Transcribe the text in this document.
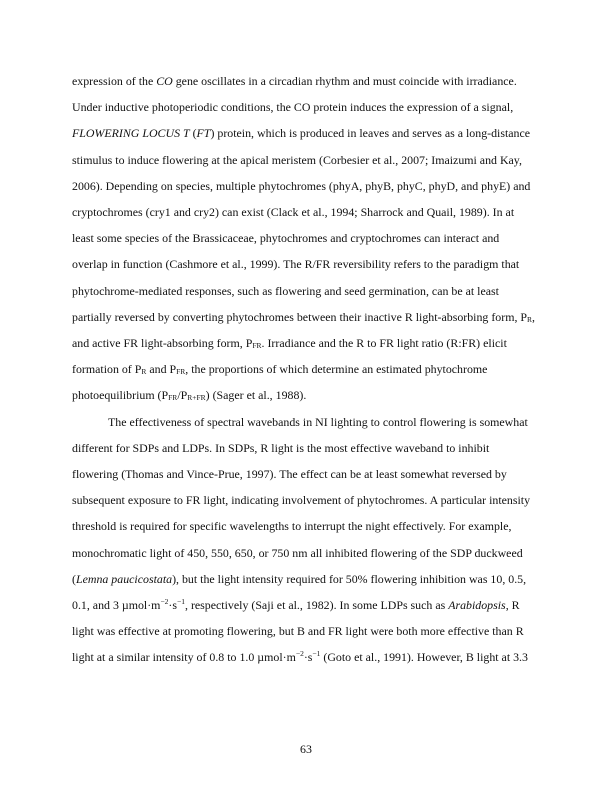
expression of the CO gene oscillates in a circadian rhythm and must coincide with irradiance.
Under inductive photoperiodic conditions, the CO protein induces the expression of a signal,
FLOWERING LOCUS T (FT) protein, which is produced in leaves and serves as a long-distance
stimulus to induce flowering at the apical meristem (Corbesier et al., 2007; Imaizumi and Kay,
2006). Depending on species, multiple phytochromes (phyA, phyB, phyC, phyD, and phyE) and
cryptochromes (cry1 and cry2) can exist (Clack et al., 1994; Sharrock and Quail, 1989). In at
least some species of the Brassicaceae, phytochromes and cryptochromes can interact and
overlap in function (Cashmore et al., 1999). The R/FR reversibility refers to the paradigm that
phytochrome-mediated responses, such as flowering and seed germination, can be at least
partially reversed by converting phytochromes between their inactive R light-absorbing form, $P_R$,
and active FR light-absorbing form, $P_{FR}$. Irradiance and the R to FR light ratio (R:FR) elicit
formation of $P_R$ and $P_{FR}$, the proportions of which determine an estimated phytochrome
photoequilibrium $(P_{FR}/P_{R+FR})$ (Sager et al., 1988).
The effectiveness of spectral wavebands in NI lighting to control flowering is somewhat
different for SDPs and LDPs. In SDPs, R light is the most effective waveband to inhibit
flowering (Thomas and Vince-Prue, 1997). The effect can be at least somewhat reversed by
subsequent exposure to FR light, indicating involvement of phytochromes. A particular intensity
threshold is required for specific wavelengths to interrupt the night effectively. For example,
monochromatic light of 450, 550, 650, or 750 nm all inhibited flowering of the SDP duckweed
(Lemna paucicostata), but the light intensity required for 50% flowering inhibition was 10, 0.5,
0.1, and 3 $\mu mol\cdot m^{-2}\cdot s^{-1}$, respectively (Saji et al., 1982). In some LDPs such as Arabidopsis, R
light was effective at promoting flowering, but B and FR light were both more effective than R
light at a similar intensity of 0.8 to 1.0 $\mu mol\cdot m^{-2}\cdot s^{-1}$ (Goto et al., 1991). However, B light at 3.3
63
